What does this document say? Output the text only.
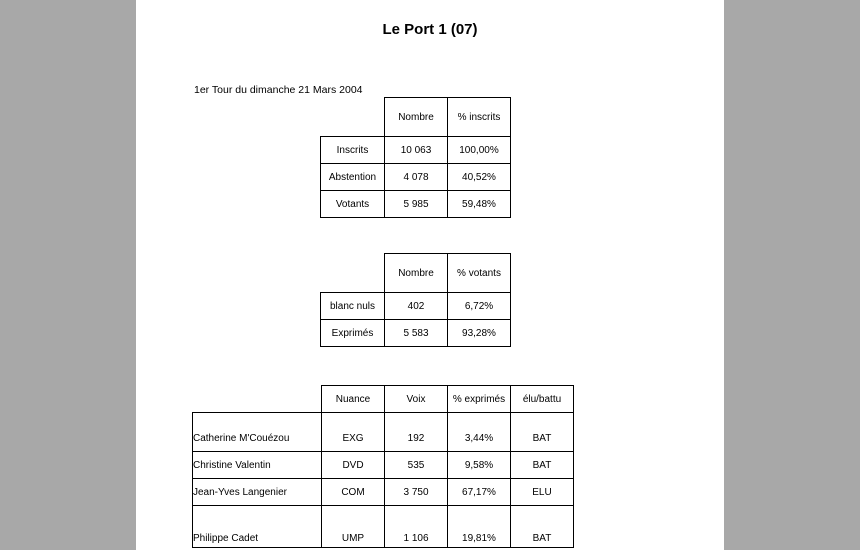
Le Port 1 (07)
1er Tour du dimanche 21 Mars 2004
	Nombre	% inscrits
Inscrits	10 063	100,00%
Abstention	4 078	40,52%
Votants	5 985	59,48%
	Nombre	% votants
blanc nuls	402	6,72%
Exprimés	5 583	93,28%
	Nuance	Voix	% exprimés	élu/battu

Catherine M'Couézou	EXG	192	3,44%	BAT
Christine Valentin	DVD	535	9,58%	BAT
Jean-Yves Langenier	COM	3 750	67,17%	ELU
Philippe Cadet	UMP	1 106	19,81%	BAT
